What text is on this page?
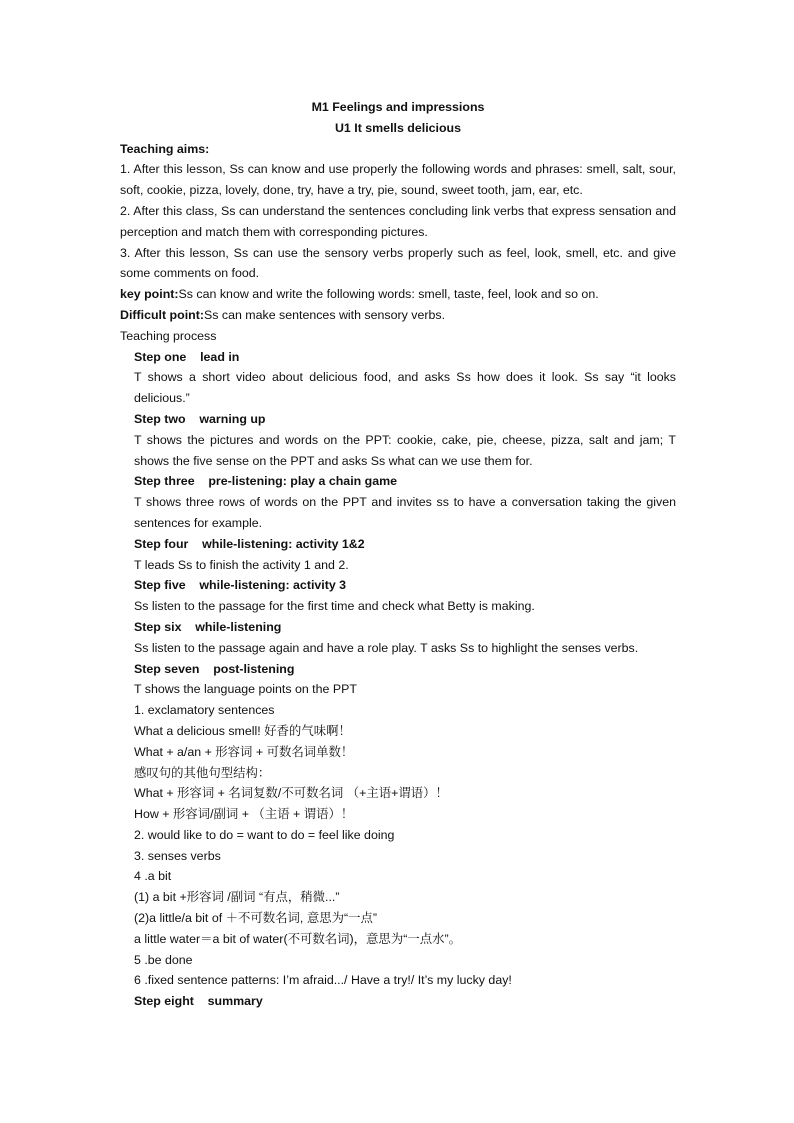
M1 Feelings and impressions
U1 It smells delicious
Teaching aims:
1. After this lesson, Ss can know and use properly the following words and phrases: smell, salt, sour, soft, cookie, pizza, lovely, done, try, have a try, pie, sound, sweet tooth, jam, ear, etc.
2. After this class, Ss can understand the sentences concluding link verbs that express sensation and perception and match them with corresponding pictures.
3. After this lesson, Ss can use the sensory verbs properly such as feel, look, smell, etc. and give some comments on food.
key point:Ss can know and write the following words: smell, taste, feel, look and so on.
Difficult point:Ss can make sentences with sensory verbs.
Teaching process
Step one    lead in
T shows a short video about delicious food, and asks Ss how does it look. Ss say “it looks delicious.”
Step two    warning up
T shows the pictures and words on the PPT: cookie, cake, pie, cheese, pizza, salt and jam; T shows the five sense on the PPT and asks Ss what can we use them for.
Step three    pre-listening: play a chain game
T shows three rows of words on the PPT and invites ss to have a conversation taking the given sentences for example.
Step four    while-listening: activity 1&2
T leads Ss to finish the activity 1 and 2.
Step five    while-listening: activity 3
Ss listen to the passage for the first time and check what Betty is making.
Step six    while-listening
Ss listen to the passage again and have a role play. T asks Ss to highlight the senses verbs.
Step seven    post-listening
T shows the language points on the PPT
1. exclamatory sentences
What a delicious smell! 好香的气味啊！
What + a/an + 形容词 + 可数名词单数！
感叹句的其他句型结构：
What + 形容词 + 名词复数/不可数名词 （+主语+谓语）！
How + 形容词/副词 + （主语 + 谓语）！
2. would like to do = want to do = feel like doing
3. senses verbs
4 .a bit
(1) a bit +形容词 /副词 “有点，稍微...”
(2)a little/a bit of ＋不可数名词, 意思为“一点”
a little water＝a bit of water(不可数名词)，意思为“一点水”。
5 .be done
6 .fixed sentence patterns: I’m afraid.../ Have a try!/ It’s my lucky day!
Step eight    summary
